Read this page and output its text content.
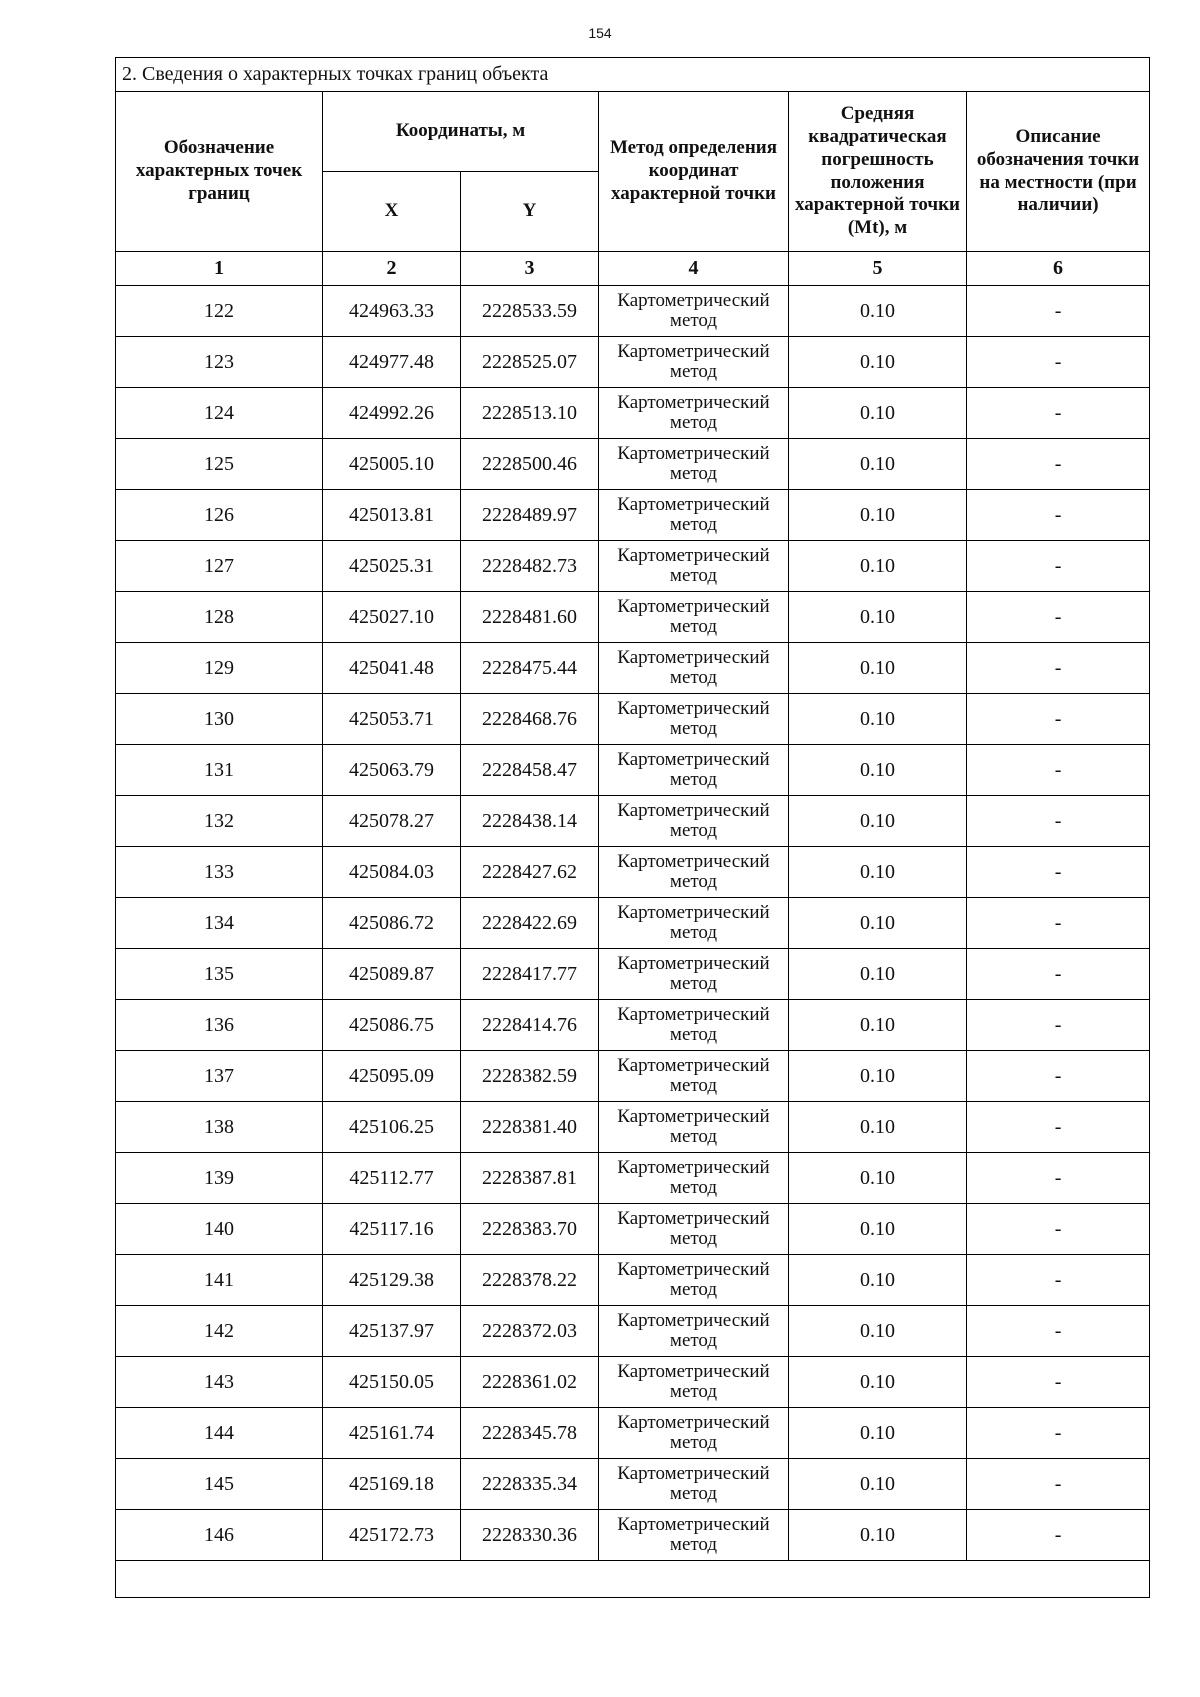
154
2. Сведения о характерных точках границ объекта					
Обозначение характерных точек границ	Координаты, м		Метод определения координат характерной точки	Средняя квадратическая погрешность положения характерной точки (Mt), м	Описание обозначения точки на местности (при наличии)
	X	Y			
1	2	3	4	5	6
122	424963.33	2228533.59	Картометрический метод	0.10	-
123	424977.48	2228525.07	Картометрический метод	0.10	-
124	424992.26	2228513.10	Картометрический метод	0.10	-
125	425005.10	2228500.46	Картометрический метод	0.10	-
126	425013.81	2228489.97	Картометрический метод	0.10	-
127	425025.31	2228482.73	Картометрический метод	0.10	-
128	425027.10	2228481.60	Картометрический метод	0.10	-
129	425041.48	2228475.44	Картометрический метод	0.10	-
130	425053.71	2228468.76	Картометрический метод	0.10	-
131	425063.79	2228458.47	Картометрический метод	0.10	-
132	425078.27	2228438.14	Картометрический метод	0.10	-
133	425084.03	2228427.62	Картометрический метод	0.10	-
134	425086.72	2228422.69	Картометрический метод	0.10	-
135	425089.87	2228417.77	Картометрический метод	0.10	-
136	425086.75	2228414.76	Картометрический метод	0.10	-
137	425095.09	2228382.59	Картометрический метод	0.10	-
138	425106.25	2228381.40	Картометрический метод	0.10	-
139	425112.77	2228387.81	Картометрический метод	0.10	-
140	425117.16	2228383.70	Картометрический метод	0.10	-
141	425129.38	2228378.22	Картометрический метод	0.10	-
142	425137.97	2228372.03	Картометрический метод	0.10	-
143	425150.05	2228361.02	Картометрический метод	0.10	-
144	425161.74	2228345.78	Картометрический метод	0.10	-
145	425169.18	2228335.34	Картометрический метод	0.10	-
146	425172.73	2228330.36	Картометрический метод	0.10	-
